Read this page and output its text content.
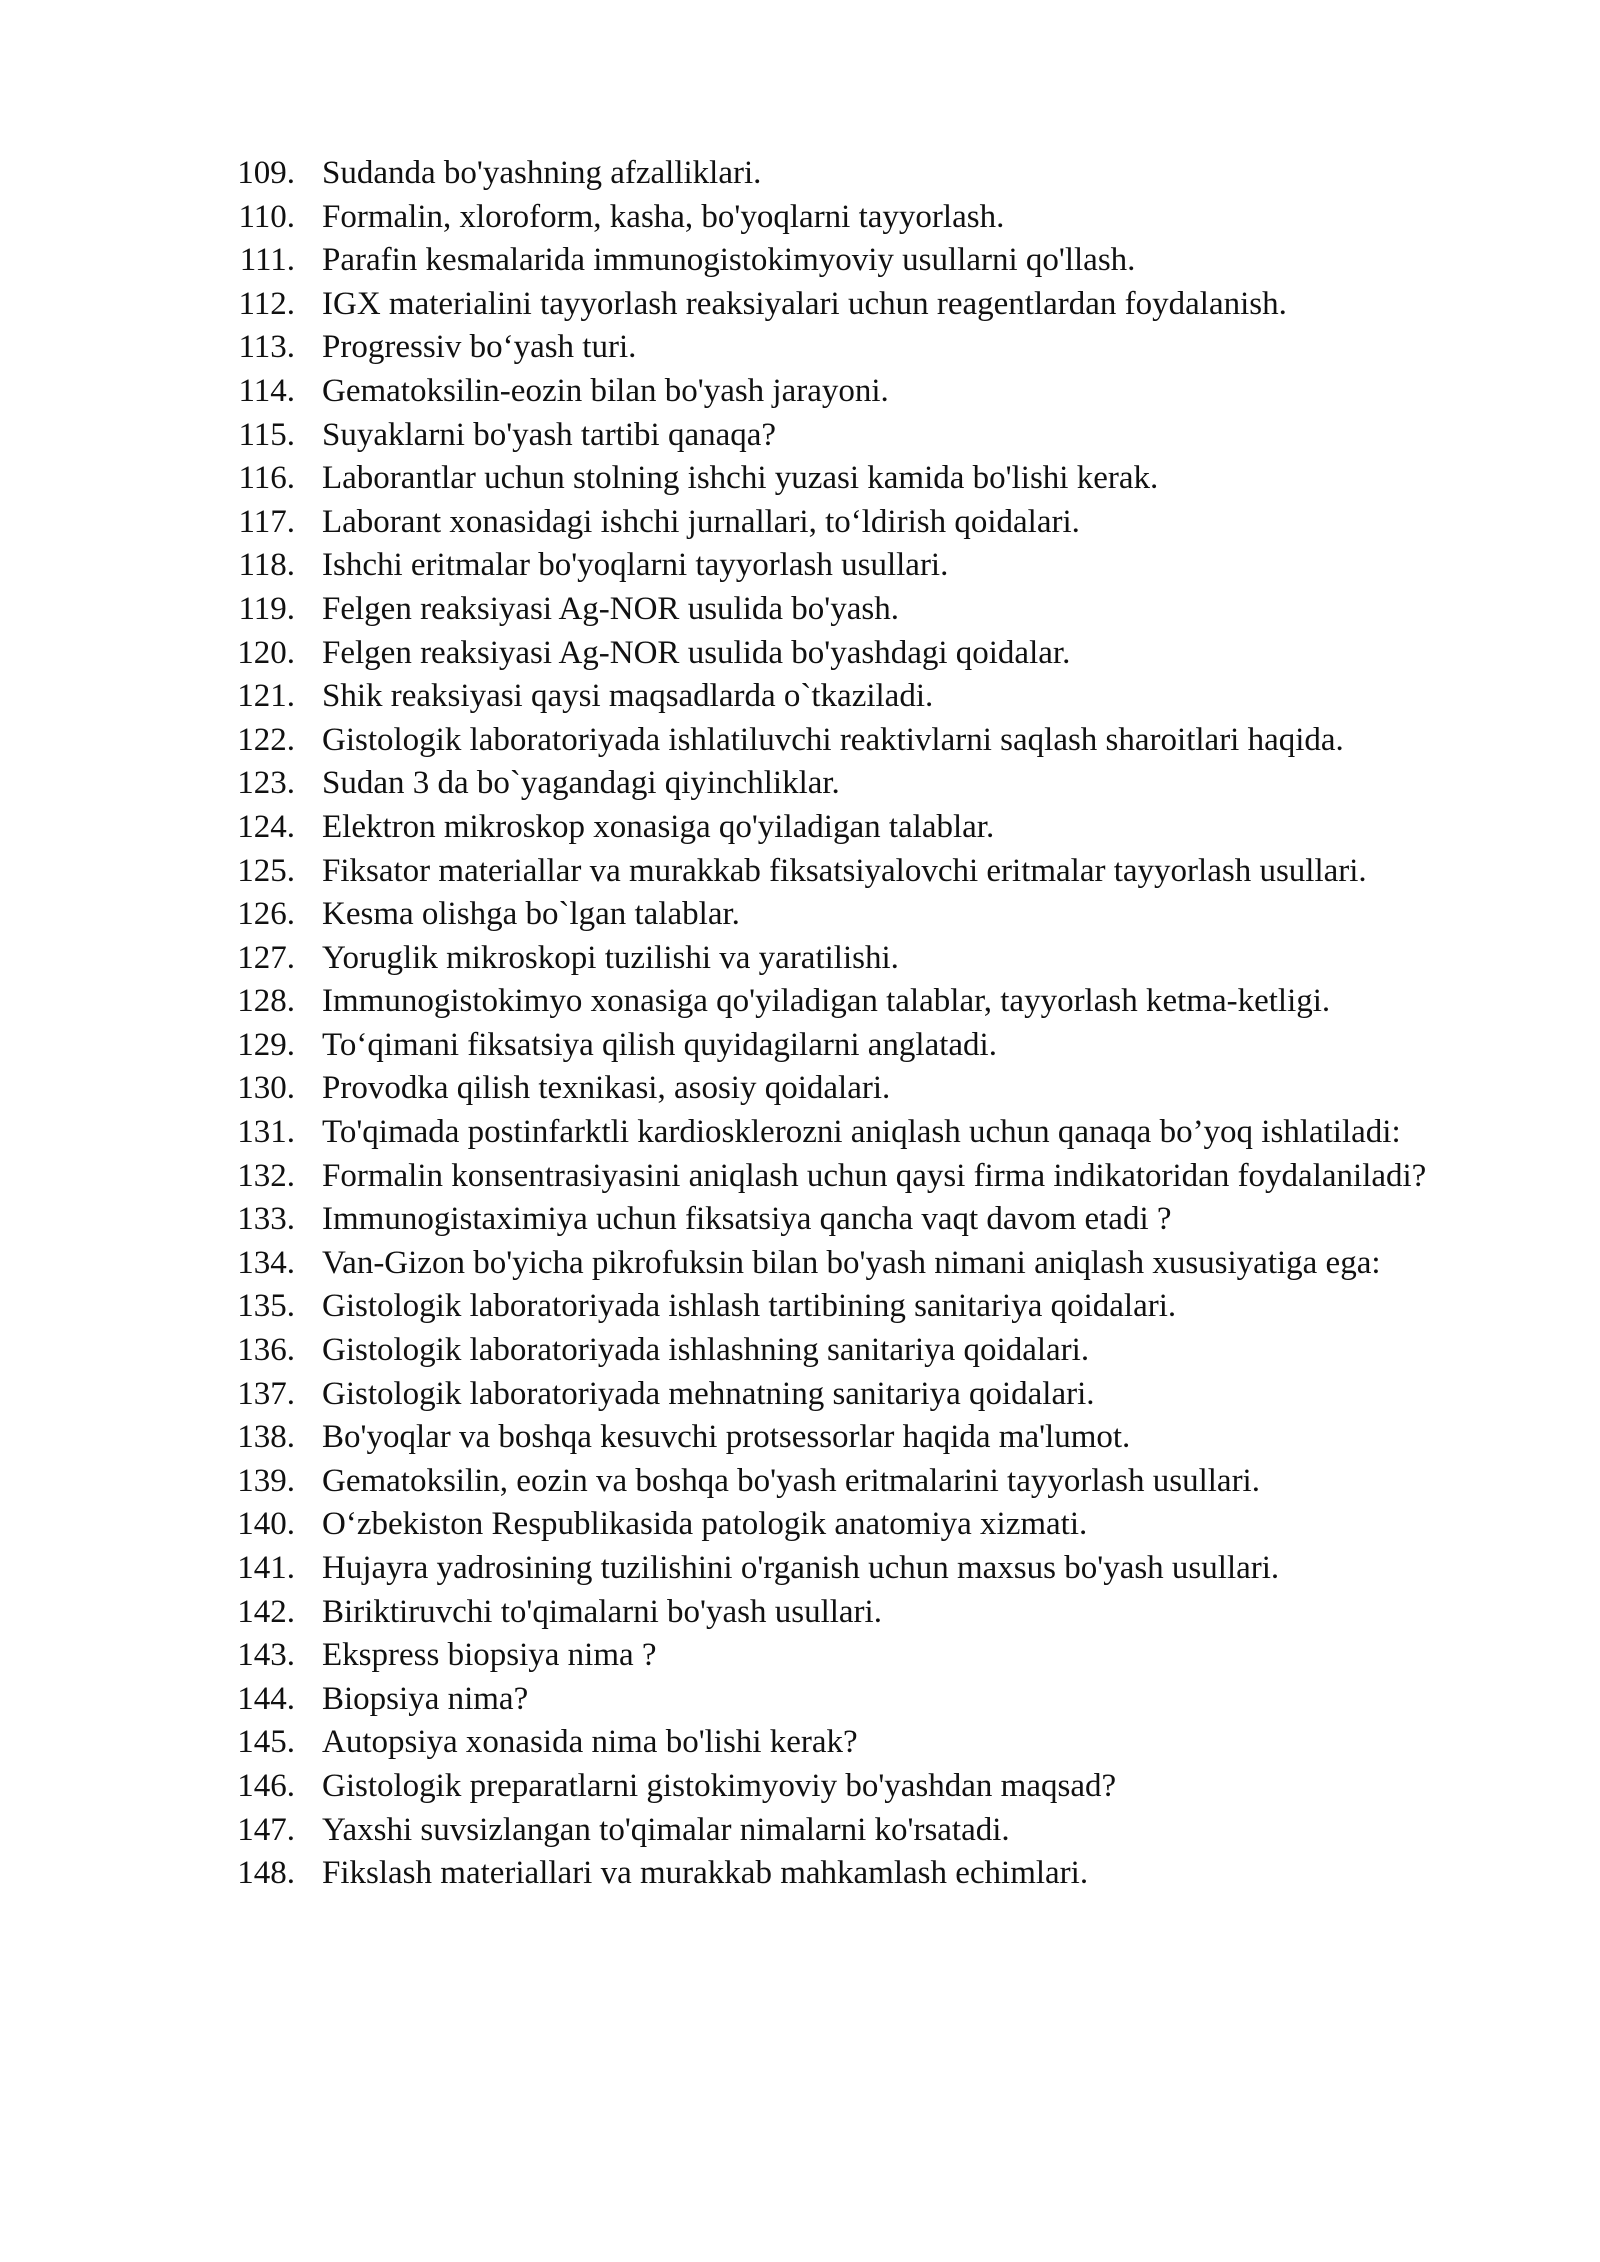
109. Sudanda bo'yashning afzalliklari.
110. Formalin, xloroform, kasha, bo'yoqlarni tayyorlash.
111. Parafin kesmalarida immunogistokimyoviy usullarni qo'llash.
112. IGX materialini tayyorlash reaksiyalari uchun reagentlardan foydalanish.
113. Progressiv bo‘yash turi.
114. Gematoksilin-eozin bilan bo'yash jarayoni.
115. Suyaklarni bo'yash tartibi qanaqa?
116. Laborantlar uchun stolning ishchi yuzasi kamida bo'lishi kerak.
117. Laborant xonasidagi ishchi jurnallari, to‘ldirish qoidalari.
118. Ishchi eritmalar bo'yoqlarni tayyorlash usullari.
119. Felgen reaksiyasi Ag-NOR usulida bo'yash.
120. Felgen reaksiyasi Ag-NOR usulida bo'yashdagi qoidalar.
121. Shik reaksiyasi qaysi maqsadlarda o`tkaziladi.
122. Gistologik laboratoriyada ishlatiluvchi reaktivlarni saqlash sharoitlari haqida.
123. Sudan 3 da bo`yagandagi qiyinchliklar.
124. Elektron mikroskop xonasiga qo'yiladigan talablar.
125. Fiksator materiallar va murakkab fiksatsiyalovchi eritmalar tayyorlash usullari.
126. Kesma olishga bo`lgan talablar.
127. Yoruglik mikroskopi tuzilishi va yaratilishi.
128. Immunogistokimyo xonasiga qo'yiladigan talablar, tayyorlash ketma-ketligi.
129. To‘qimani fiksatsiya qilish quyidagilarni anglatadi.
130. Provodka qilish texnikasi, asosiy qoidalari.
131. To'qimada postinfarktli kardiosklerozni aniqlash uchun qanaqa bo’yoq ishlatiladi:
132. Formalin konsentrasiyasini aniqlash uchun qaysi firma indikatoridan foydalaniladi?
133. Immunogistaximiya uchun fiksatsiya qancha vaqt davom etadi ?
134. Van-Gizon bo'yicha pikrofuksin bilan bo'yash nimani aniqlash xususiyatiga ega:
135. Gistologik laboratoriyada ishlash tartibining sanitariya qoidalari.
136. Gistologik laboratoriyada ishlashning sanitariya qoidalari.
137. Gistologik laboratoriyada mehnatning sanitariya qoidalari.
138. Bo'yoqlar va boshqa kesuvchi protsessorlar haqida ma'lumot.
139. Gematoksilin, eozin va boshqa bo'yash eritmalarini tayyorlash usullari.
140. O‘zbekiston Respublikasida patologik anatomiya xizmati.
141. Hujayra yadrosining tuzilishini o'rganish uchun maxsus bo'yash usullari.
142. Biriktiruvchi to'qimalarni bo'yash usullari.
143. Ekspress biopsiya nima ?
144. Biopsiya nima?
145. Autopsiya xonasida nima bo'lishi kerak?
146. Gistologik preparatlarni gistokimyoviy bo'yashdan maqsad?
147. Yaxshi suvsizlangan to'qimalar nimalarni ko'rsatadi.
148. Fikslash materiallari va murakkab mahkamlash echimlari.
